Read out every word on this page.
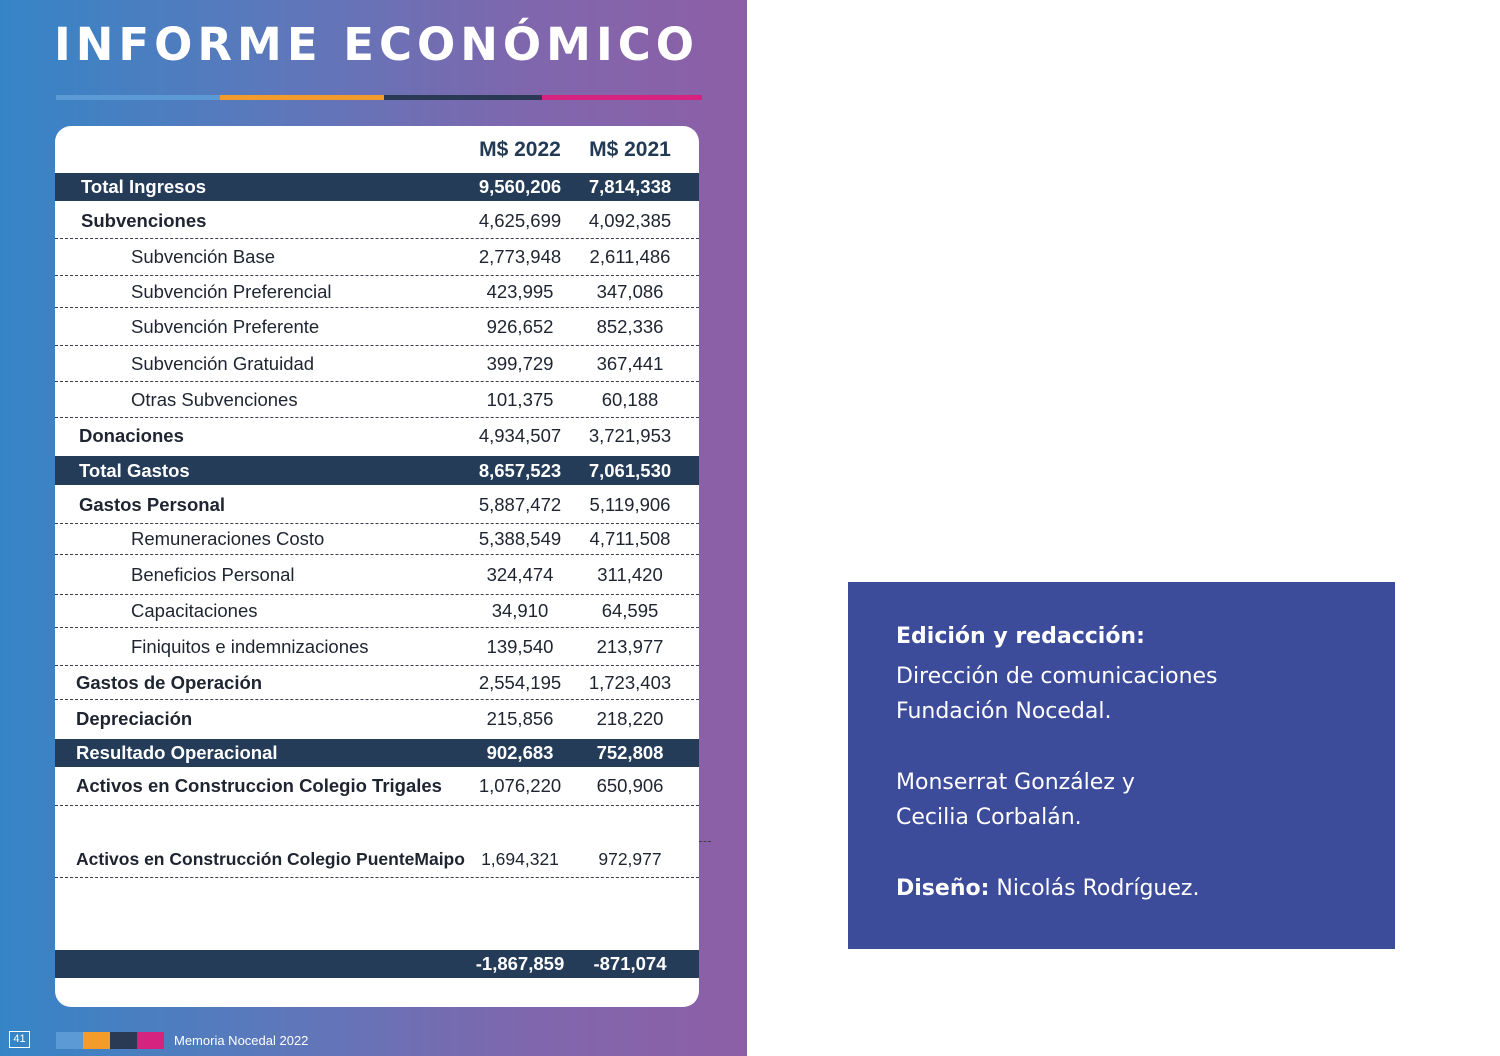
INFORME ECONÓMICO
M$ 2022	M$ 2021
Total Ingresos	9,560,206	7,814,338
Subvenciones	4,625,699	4,092,385
Subvención Base	2,773,948	2,611,486
Subvención Preferencial	423,995	347,086
Subvención Preferente	926,652	852,336
Subvención Gratuidad	399,729	367,441
Otras Subvenciones	101,375	60,188
Donaciones	4,934,507	3,721,953
Total Gastos	8,657,523	7,061,530
Gastos Personal	5,887,472	5,119,906
Remuneraciones Costo	5,388,549	4,711,508
Beneficios Personal	324,474	311,420
Capacitaciones	34,910	64,595
Finiquitos e indemnizaciones	139,540	213,977
Gastos de Operación	2,554,195	1,723,403
Depreciación	215,856	218,220
Resultado Operacional	902,683	752,808
Activos en Construccion Colegio Trigales	1,076,220	650,906
Activos en Construcción Colegio PuenteMaipo 1,694,321	972,977
-1,867,859	-871,074
41	Memoria Nocedal 2022
Edición y redacción:
Dirección de comunicaciones
Fundación Nocedal.
Monserrat González y
Cecilia Corbalán.
Diseño: Nicolás Rodríguez.
